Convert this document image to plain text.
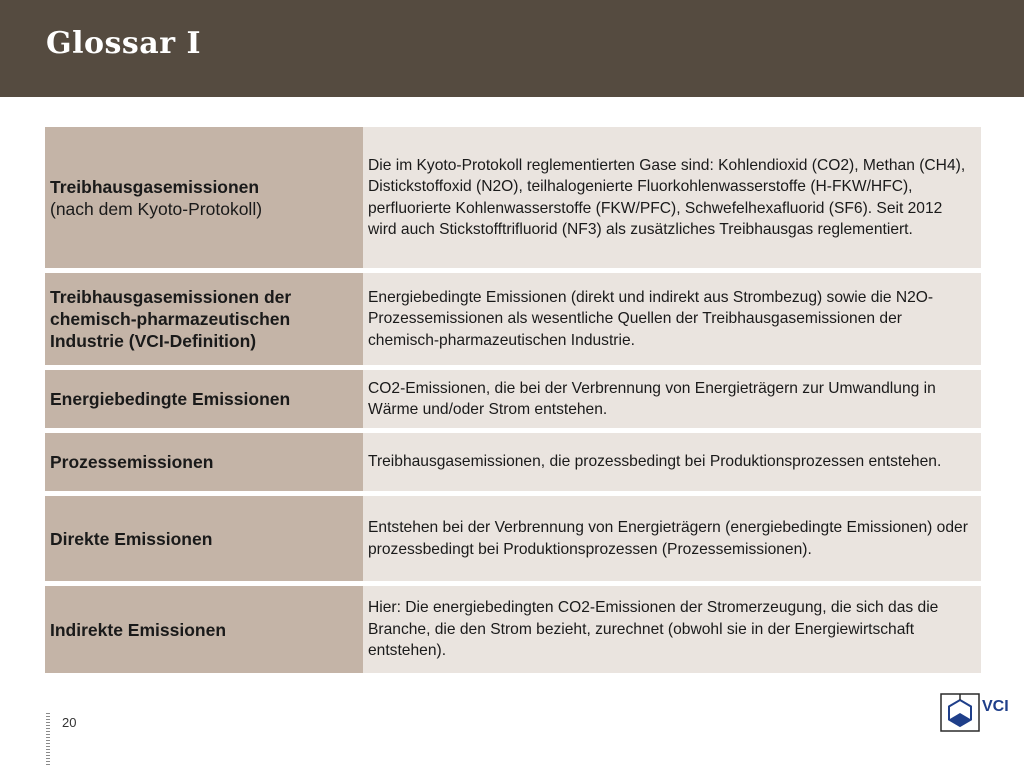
Glossar I
Treibhausgasemissionen
(nach dem Kyoto-Protokoll)
Die im Kyoto-Protokoll reglementierten Gase sind: Kohlendioxid (CO2), Methan (CH4), Distickstoffoxid (N2O), teilhalogenierte Fluorkohlenwasserstoffe (H-FKW/HFC), perfluorierte Kohlenwasserstoffe (FKW/PFC), Schwefelhexafluorid (SF6). Seit 2012 wird auch Stickstofftrifluorid (NF3) als zusätzliches Treibhausgas reglementiert.
Treibhausgasemissionen der chemisch-pharmazeutischen Industrie (VCI-Definition)
Energiebedingte Emissionen (direkt und indirekt aus Strombezug) sowie die N2O-Prozessemissionen als wesentliche Quellen der Treibhausgasemissionen der chemisch-pharmazeutischen Industrie.
Energiebedingte Emissionen
CO2-Emissionen, die bei der Verbrennung von Energieträgern zur Umwandlung in Wärme und/oder Strom entstehen.
Prozessemissionen	Treibhausgasemissionen, die prozessbedingt bei Produktionsprozessen entstehen.
Direkte Emissionen
Entstehen bei der Verbrennung von Energieträgern (energiebedingte Emissionen) oder prozessbedingt bei Produktionsprozessen (Prozessemissionen).
Indirekte Emissionen
Hier: Die energiebedingten CO2-Emissionen der Stromerzeugung, die sich das die Branche, die den Strom bezieht, zurechnet (obwohl sie in der Energiewirtschaft entstehen).
20
VCI
